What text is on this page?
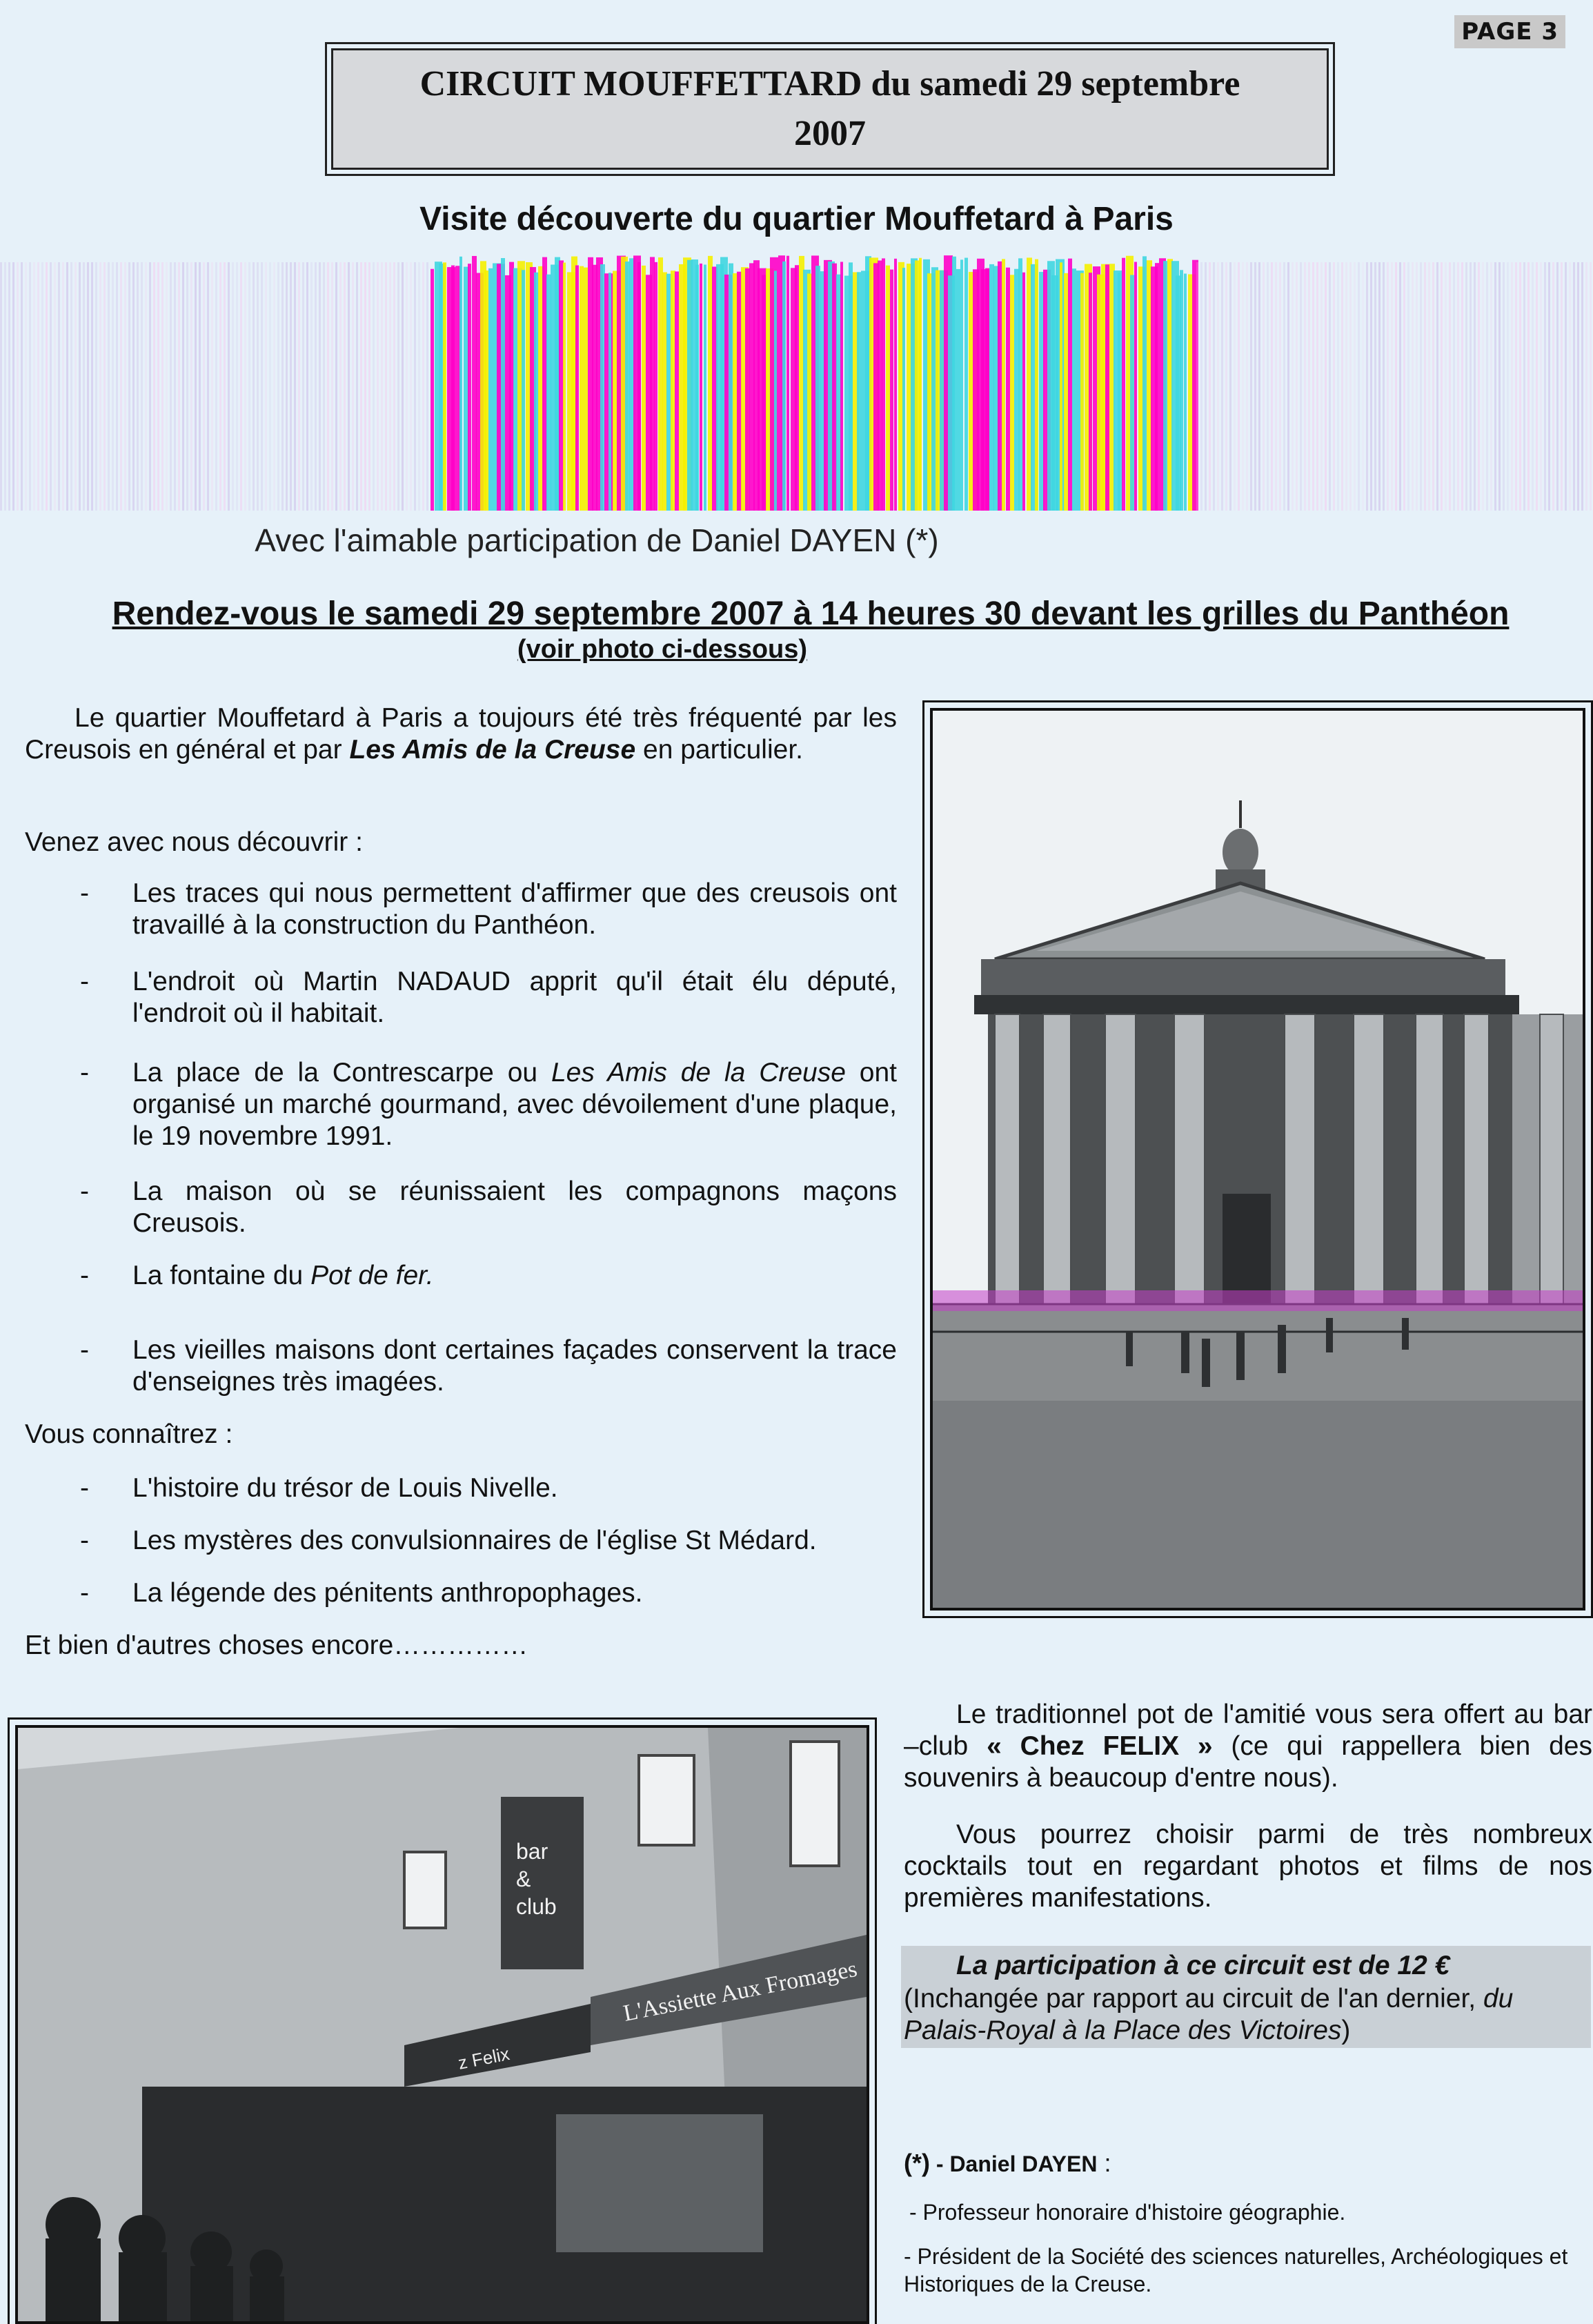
PAGE 3
CIRCUIT MOUFFETTARD du samedi 29 septembre
2007
Visite découverte du quartier Mouffetard à Paris
Avec l'aimable participation de Daniel DAYEN (*)
Rendez-vous le samedi 29 septembre 2007 à 14 heures 30 devant les grilles du Panthéon
(voir photo ci-dessous)
Le quartier Mouffetard à Paris a toujours été très fréquenté par les Creusois en général et par Les Amis de la Creuse en particulier.
Venez avec nous découvrir :
- Les traces qui nous permettent d'affirmer que des creusois ont travaillé à la construction du Panthéon.
- L'endroit où Martin NADAUD apprit qu'il était élu député, l'endroit où il habitait.
- La place de la Contrescarpe ou Les Amis de la Creuse ont organisé un marché gourmand, avec dévoilement d'une plaque, le 19 novembre 1991.
- La maison où se réunissaient les compagnons maçons Creusois.
- La fontaine du Pot de fer.
- Les vieilles maisons dont certaines façades conservent la trace d'enseignes très imagées.
Vous connaîtrez :
- L'histoire du trésor de Louis Nivelle.
- Les mystères des convulsionnaires de l'église St Médard.
- La légende des pénitents anthropophages.
Et bien d'autres choses encore……………
bar
&
club
L'Assiette Aux Fromages
z Felix
Le traditionnel pot de l'amitié vous sera offert au bar –club « Chez FELIX » (ce qui rappellera bien des souvenirs à beaucoup d'entre nous).
Vous pourrez choisir parmi de très nombreux cocktails tout en regardant photos et films de nos premières manifestations.
La participation à ce circuit est de 12 €
(Inchangée par rapport au circuit de l'an dernier, du Palais-Royal à la Place des Victoires)
(*) - Daniel DAYEN :
- Professeur honoraire d'histoire géographie.
- Président de la Société des sciences naturelles, Archéologiques et Historiques de la Creuse.
